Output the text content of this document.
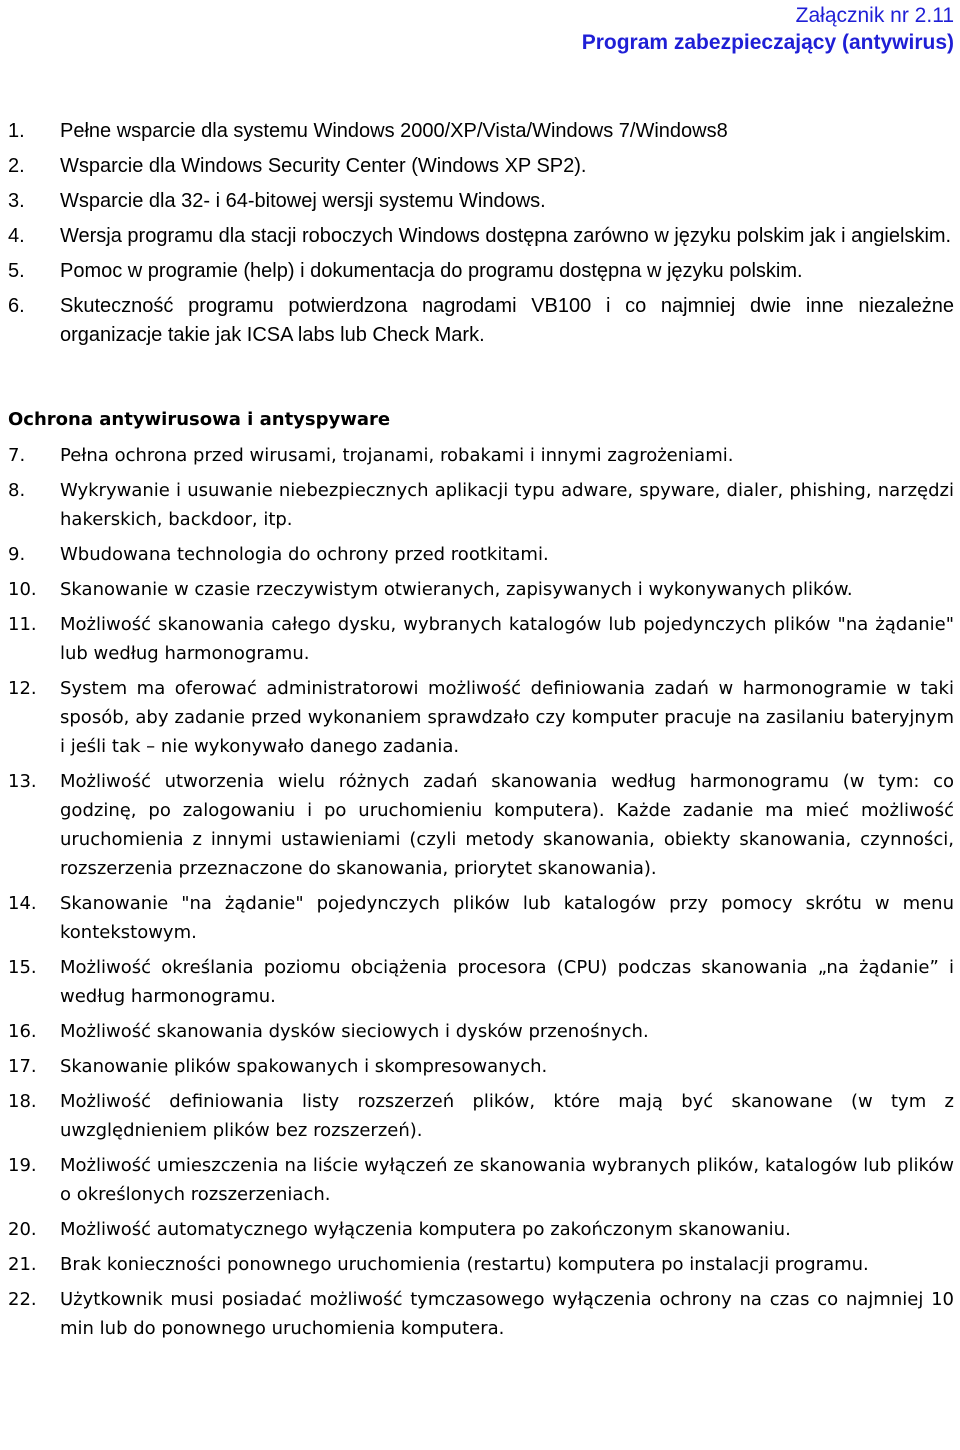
Załącznik nr 2.11
Program zabezpieczający (antywirus)
1.	Pełne wsparcie dla systemu Windows 2000/XP/Vista/Windows 7/Windows8
2.	Wsparcie dla Windows Security Center (Windows XP SP2).
3.	Wsparcie dla 32- i 64-bitowej wersji systemu Windows.
4.	Wersja programu dla stacji roboczych Windows dostępna zarówno w języku polskim jak i angielskim.
5.	Pomoc w programie (help) i dokumentacja do programu dostępna w języku polskim.
6.	Skuteczność programu potwierdzona nagrodami VB100 i co najmniej dwie inne niezależne organizacje takie jak ICSA labs lub Check Mark.
Ochrona antywirusowa i antyspyware
7.	Pełna ochrona przed wirusami, trojanami, robakami i innymi zagrożeniami.
8.	Wykrywanie i usuwanie niebezpiecznych aplikacji typu adware, spyware, dialer, phishing, narzędzi hakerskich, backdoor, itp.
9.	Wbudowana technologia do ochrony przed rootkitami.
10.	Skanowanie w czasie rzeczywistym otwieranych, zapisywanych i wykonywanych plików.
11.	Możliwość skanowania całego dysku, wybranych katalogów lub pojedynczych plików "na żądanie" lub według harmonogramu.
12.	System ma oferować administratorowi możliwość definiowania zadań w harmonogramie w taki sposób, aby zadanie przed wykonaniem sprawdzało czy komputer pracuje na zasilaniu bateryjnym i jeśli tak – nie wykonywało danego zadania.
13.	Możliwość utworzenia wielu różnych zadań skanowania według harmonogramu (w tym: co godzinę, po zalogowaniu i po uruchomieniu komputera). Każde zadanie ma mieć możliwość uruchomienia z innymi ustawieniami (czyli metody skanowania, obiekty skanowania, czynności, rozszerzenia przeznaczone do skanowania, priorytet skanowania).
14.	Skanowanie "na żądanie" pojedynczych plików lub katalogów przy pomocy skrótu w menu kontekstowym.
15.	Możliwość określania poziomu obciążenia procesora (CPU) podczas skanowania „na żądanie” i według harmonogramu.
16.	Możliwość skanowania dysków sieciowych i dysków przenośnych.
17.	Skanowanie plików spakowanych i skompresowanych.
18.	Możliwość definiowania listy rozszerzeń plików, które mają być skanowane (w tym z uwzględnieniem plików bez rozszerzeń).
19.	Możliwość umieszczenia na liście wyłączeń ze skanowania wybranych plików, katalogów lub plików o określonych rozszerzeniach.
20.	Możliwość automatycznego wyłączenia komputera po zakończonym skanowaniu.
21.	Brak konieczności ponownego uruchomienia (restartu) komputera po instalacji programu.
22.	Użytkownik musi posiadać możliwość tymczasowego wyłączenia ochrony na czas co najmniej 10 min lub do ponownego uruchomienia komputera.
